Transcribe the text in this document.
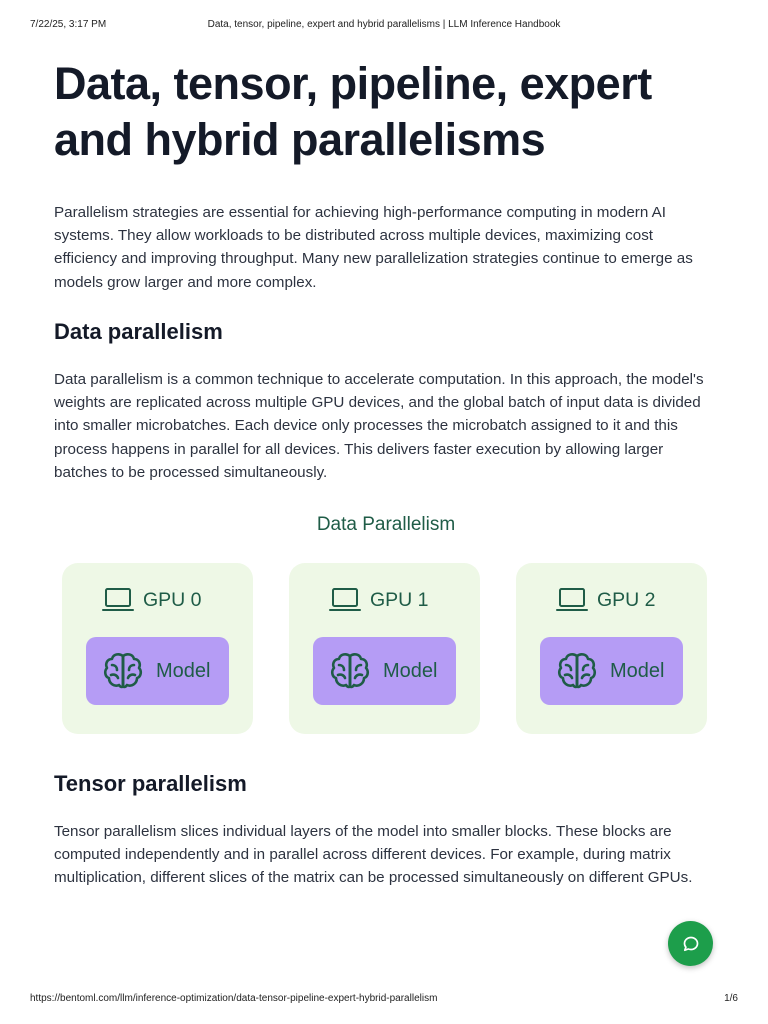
7/22/25, 3:17 PM	Data, tensor, pipeline, expert and hybrid parallelisms | LLM Inference Handbook
Data, tensor, pipeline, expert
and hybrid parallelisms

Parallelism strategies are essential for achieving high-performance computing in modern AI systems. They allow workloads to be distributed across multiple devices, maximizing cost efficiency and improving throughput. Many new parallelization strategies continue to emerge as models grow larger and more complex.

Data parallelism

Data parallelism is a common technique to accelerate computation. In this approach, the model's weights are replicated across multiple GPU devices, and the global batch of input data is divided into smaller microbatches. Each device only processes the microbatch assigned to it and this process happens in parallel for all devices. This delivers faster execution by allowing larger batches to be processed simultaneously.

Data Parallelism
GPU 0
Model
GPU 1
Model
GPU 2
Model
Tensor parallelism

Tensor parallelism slices individual layers of the model into smaller blocks. These blocks are computed independently and in parallel across different devices. For example, during matrix multiplication, different slices of the matrix can be processed simultaneously on different GPUs.

https://bentoml.com/llm/inference-optimization/data-tensor-pipeline-expert-hybrid-parallelism	1/6
